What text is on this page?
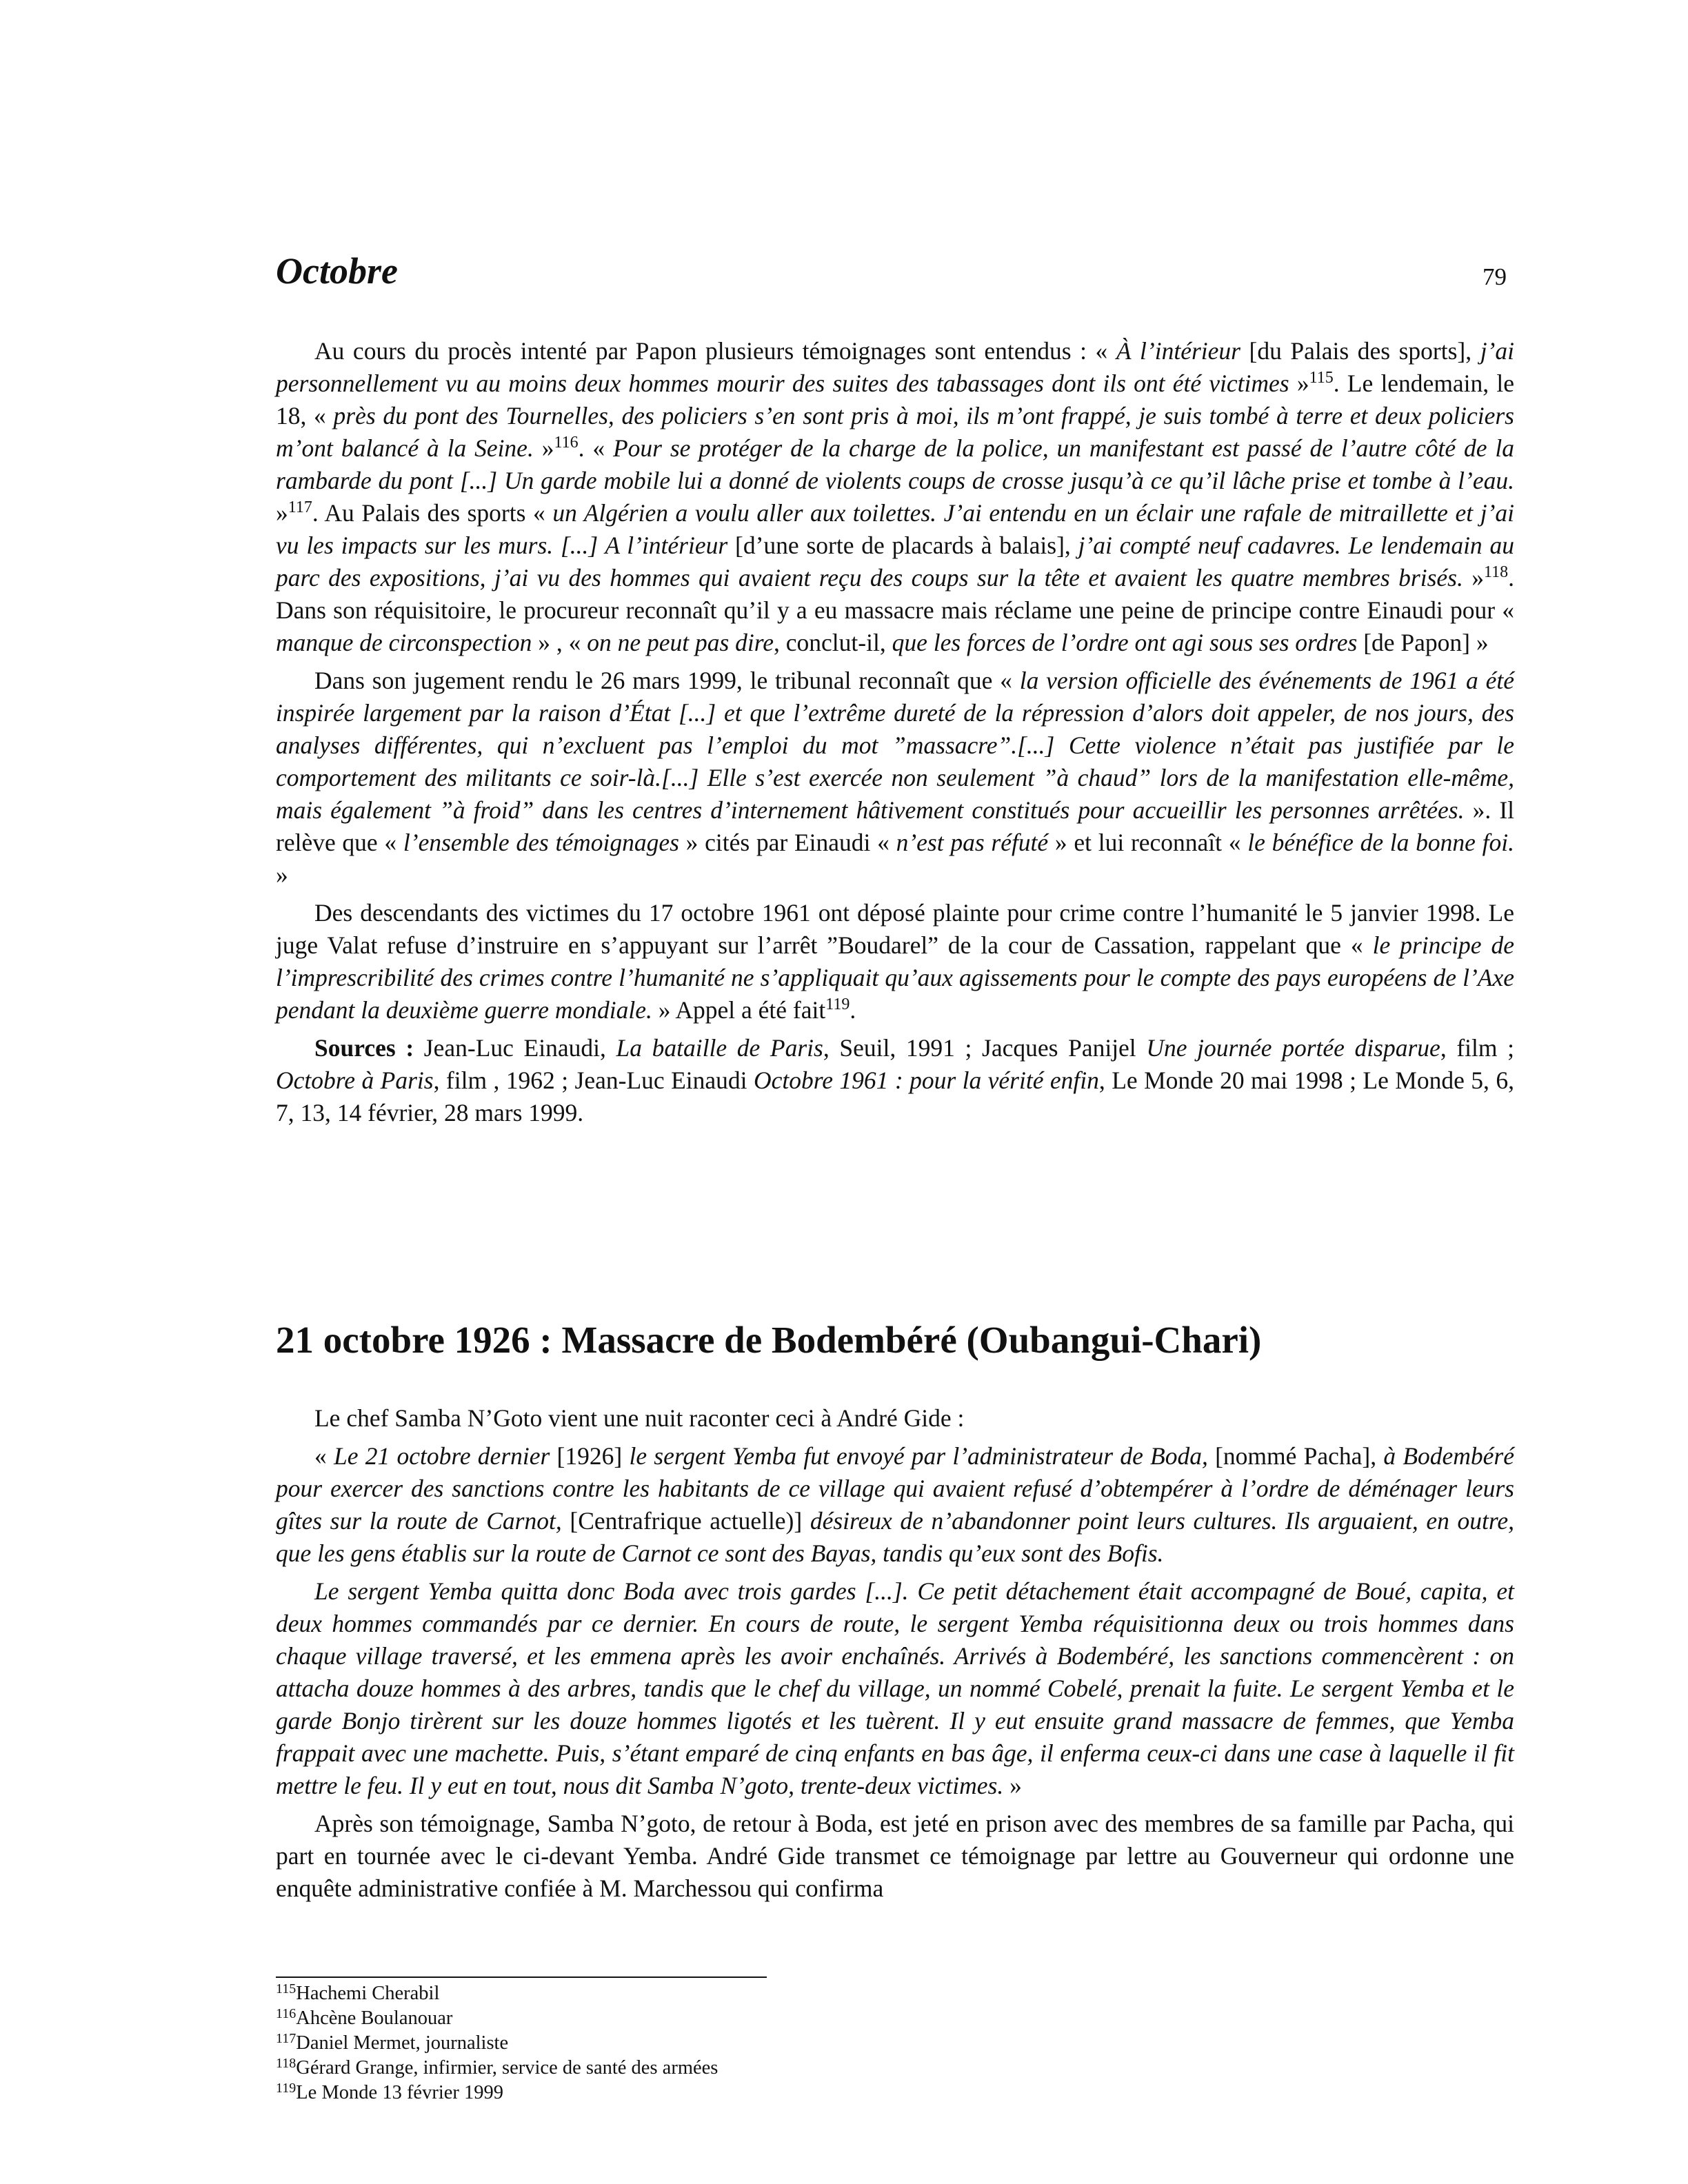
Octobre	79

Au cours du procès intenté par Papon plusieurs témoignages sont entendus : « À l’intérieur [du Palais des sports], j’ai personnellement vu au moins deux hommes mourir des suites des tabassages dont ils ont été victimes »$^{115}$. Le lendemain, le 18, « près du pont des Tournelles, des policiers s’en sont pris à moi, ils m’ont frappé, je suis tombé à terre et deux policiers m’ont balancé à la Seine. »$^{116}$. « Pour se protéger de la charge de la police, un manifestant est passé de l’autre côté de la rambarde du pont [...] Un garde mobile lui a donné de violents coups de crosse jusqu’à ce qu’il lâche prise et tombe à l’eau. »$^{117}$. Au Palais des sports « un Algérien a voulu aller aux toilettes. J’ai entendu en un éclair une rafale de mitraillette et j’ai vu les impacts sur les murs. [...] A l’intérieur [d’une sorte de placards à balais], j’ai compté neuf cadavres. Le lendemain au parc des expositions, j’ai vu des hommes qui avaient reçu des coups sur la tête et avaient les quatre membres brisés. »$^{118}$. Dans son réquisitoire, le procureur reconnaît qu’il y a eu massacre mais réclame une peine de principe contre Einaudi pour « manque de circonspection » , « on ne peut pas dire, conclut-il, que les forces de l’ordre ont agi sous ses ordres [de Papon] »

Dans son jugement rendu le 26 mars 1999, le tribunal reconnaît que « la version officielle des événements de 1961 a été inspirée largement par la raison d’État [...] et que l’extrême dureté de la répression d’alors doit appeler, de nos jours, des analyses différentes, qui n’excluent pas l’emploi du mot ”massacre”.[...] Cette violence n’était pas justifiée par le comportement des militants ce soir-là.[...] Elle s’est exercée non seulement ”à chaud” lors de la manifestation elle-même, mais également ”à froid” dans les centres d’internement hâtivement constitués pour accueillir les personnes arrêtées. ». Il relève que « l’ensemble des témoignages » cités par Einaudi « n’est pas réfuté » et lui reconnaît « le bénéfice de la bonne foi. »

Des descendants des victimes du 17 octobre 1961 ont déposé plainte pour crime contre l’humanité le 5 janvier 1998. Le juge Valat refuse d’instruire en s’appuyant sur l’arrêt ”Boudarel” de la cour de Cassation, rappelant que « le principe de l’imprescribilité des crimes contre l’humanité ne s’appliquait qu’aux agissements pour le compte des pays européens de l’Axe pendant la deuxième guerre mondiale. » Appel a été fait$^{119}$.

Sources : Jean-Luc Einaudi, La bataille de Paris, Seuil, 1991 ; Jacques Panijel Une journée portée disparue, film ; Octobre à Paris, film , 1962 ; Jean-Luc Einaudi Octobre 1961 : pour la vérité enfin, Le Monde 20 mai 1998 ; Le Monde 5, 6, 7, 13, 14 février, 28 mars 1999.

21 octobre 1926 : Massacre de Bodembéré (Oubangui-Chari)

Le chef Samba N’Goto vient une nuit raconter ceci à André Gide :

« Le 21 octobre dernier [1926] le sergent Yemba fut envoyé par l’administrateur de Boda, [nommé Pacha], à Bodembéré pour exercer des sanctions contre les habitants de ce village qui avaient refusé d’obtempérer à l’ordre de déménager leurs gîtes sur la route de Carnot, [Centrafrique actuelle)] désireux de n’abandonner point leurs cultures. Ils arguaient, en outre, que les gens établis sur la route de Carnot ce sont des Bayas, tandis qu’eux sont des Bofis.

Le sergent Yemba quitta donc Boda avec trois gardes [...]. Ce petit détachement était accompagné de Boué, capita, et deux hommes commandés par ce dernier. En cours de route, le sergent Yemba réquisitionna deux ou trois hommes dans chaque village traversé, et les emmena après les avoir enchaînés. Arrivés à Bodembéré, les sanctions commencèrent : on attacha douze hommes à des arbres, tandis que le chef du village, un nommé Cobelé, prenait la fuite. Le sergent Yemba et le garde Bonjo tirèrent sur les douze hommes ligotés et les tuèrent. Il y eut ensuite grand massacre de femmes, que Yemba frappait avec une machette. Puis, s’étant emparé de cinq enfants en bas âge, il enferma ceux-ci dans une case à laquelle il fit mettre le feu. Il y eut en tout, nous dit Samba N’goto, trente-deux victimes. »

Après son témoignage, Samba N’goto, de retour à Boda, est jeté en prison avec des membres de sa famille par Pacha, qui part en tournée avec le ci-devant Yemba. André Gide transmet ce témoignage par lettre au Gouverneur qui ordonne une enquête administrative confiée à M. Marchessou qui confirma

$^{115}$Hachemi Cherabil
$^{116}$Ahcène Boulanouar
$^{117}$Daniel Mermet, journaliste
$^{118}$Gérard Grange, infirmier, service de santé des armées
$^{119}$Le Monde 13 février 1999
